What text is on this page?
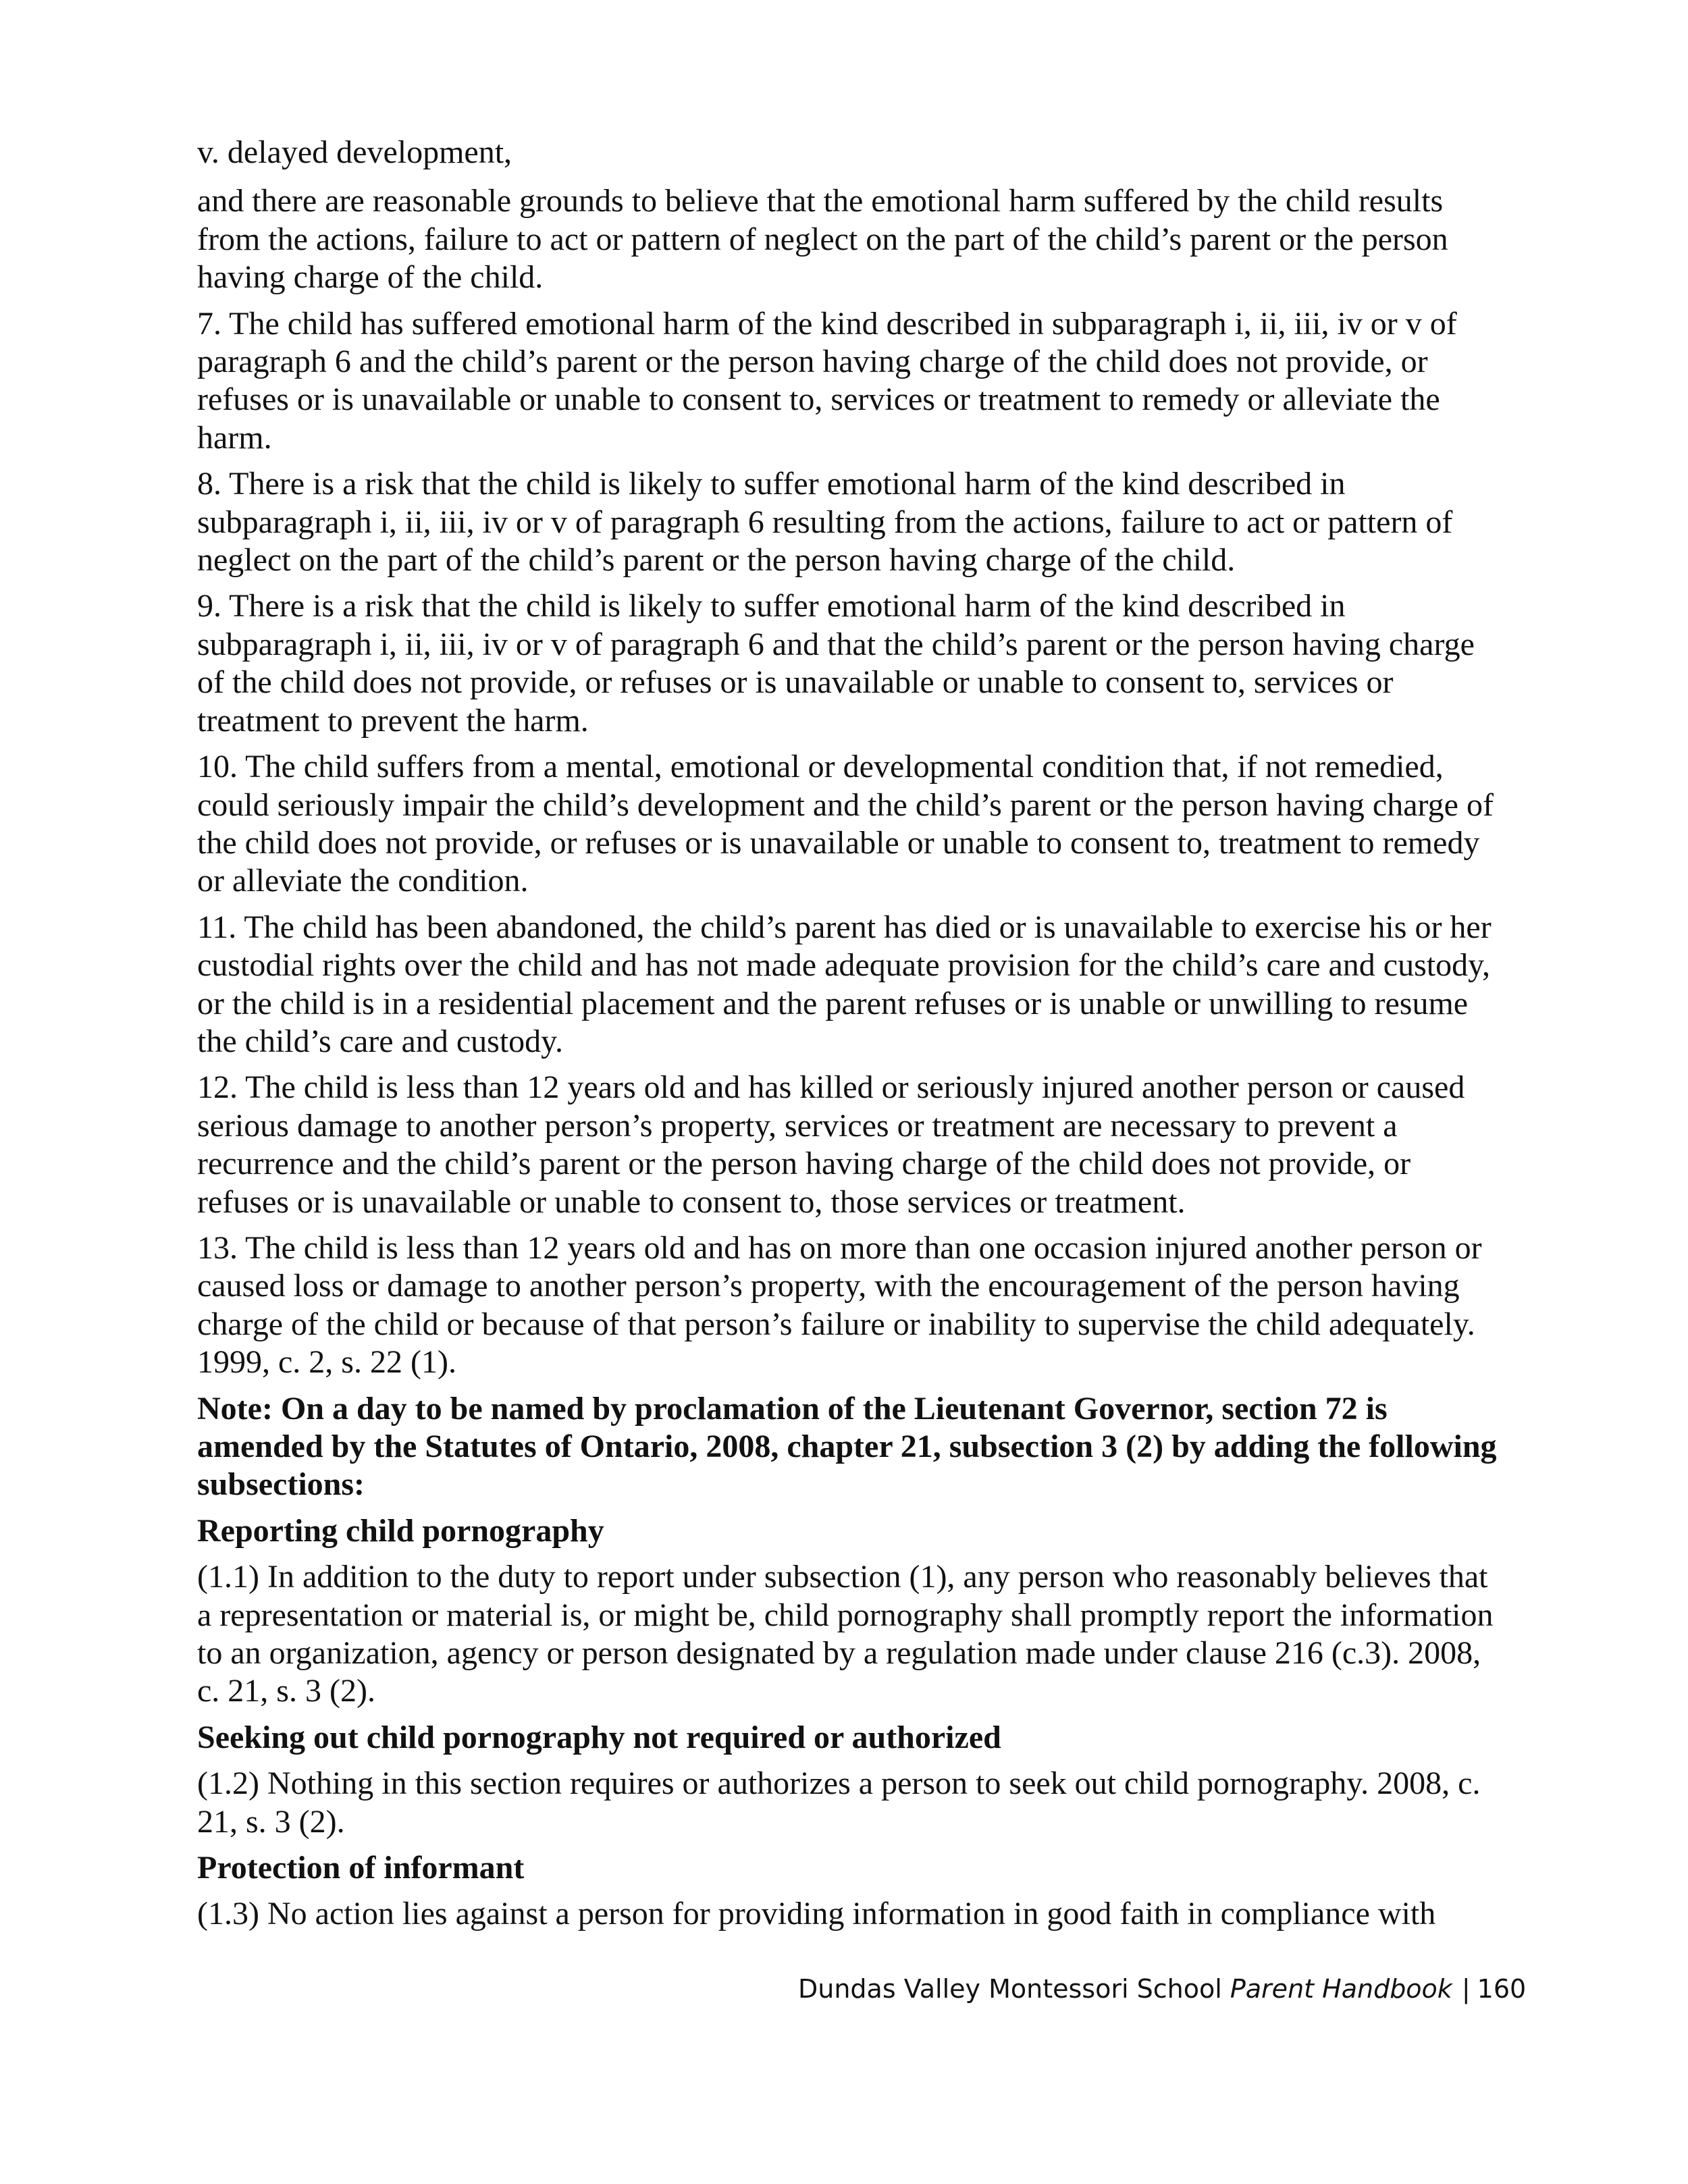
v. delayed development,

and there are reasonable grounds to believe that the emotional harm suffered by the child results from the actions, failure to act or pattern of neglect on the part of the child’s parent or the person having charge of the child.

7. The child has suffered emotional harm of the kind described in subparagraph i, ii, iii, iv or v of paragraph 6 and the child’s parent or the person having charge of the child does not provide, or refuses or is unavailable or unable to consent to, services or treatment to remedy or alleviate the harm.

8. There is a risk that the child is likely to suffer emotional harm of the kind described in subparagraph i, ii, iii, iv or v of paragraph 6 resulting from the actions, failure to act or pattern of neglect on the part of the child’s parent or the person having charge of the child.

9. There is a risk that the child is likely to suffer emotional harm of the kind described in subparagraph i, ii, iii, iv or v of paragraph 6 and that the child’s parent or the person having charge of the child does not provide, or refuses or is unavailable or unable to consent to, services or treatment to prevent the harm.

10. The child suffers from a mental, emotional or developmental condition that, if not remedied, could seriously impair the child’s development and the child’s parent or the person having charge of the child does not provide, or refuses or is unavailable or unable to consent to, treatment to remedy or alleviate the condition.

11. The child has been abandoned, the child’s parent has died or is unavailable to exercise his or her custodial rights over the child and has not made adequate provision for the child’s care and custody, or the child is in a residential placement and the parent refuses or is unable or unwilling to resume the child’s care and custody.

12. The child is less than 12 years old and has killed or seriously injured another person or caused serious damage to another person’s property, services or treatment are necessary to prevent a recurrence and the child’s parent or the person having charge of the child does not provide, or refuses or is unavailable or unable to consent to, those services or treatment.

13. The child is less than 12 years old and has on more than one occasion injured another person or caused loss or damage to another person’s property, with the encouragement of the person having charge of the child or because of that person’s failure or inability to supervise the child adequately. 1999, c. 2, s. 22 (1).

Note: On a day to be named by proclamation of the Lieutenant Governor, section 72 is amended by the Statutes of Ontario, 2008, chapter 21, subsection 3 (2) by adding the following subsections:

Reporting child pornography

(1.1) In addition to the duty to report under subsection (1), any person who reasonably believes that a representation or material is, or might be, child pornography shall promptly report the information to an organization, agency or person designated by a regulation made under clause 216 (c.3). 2008, c. 21, s. 3 (2).

Seeking out child pornography not required or authorized

(1.2) Nothing in this section requires or authorizes a person to seek out child pornography. 2008, c. 21, s. 3 (2).

Protection of informant

(1.3) No action lies against a person for providing information in good faith in compliance with

Dundas Valley Montessori School Parent Handbook | 160
